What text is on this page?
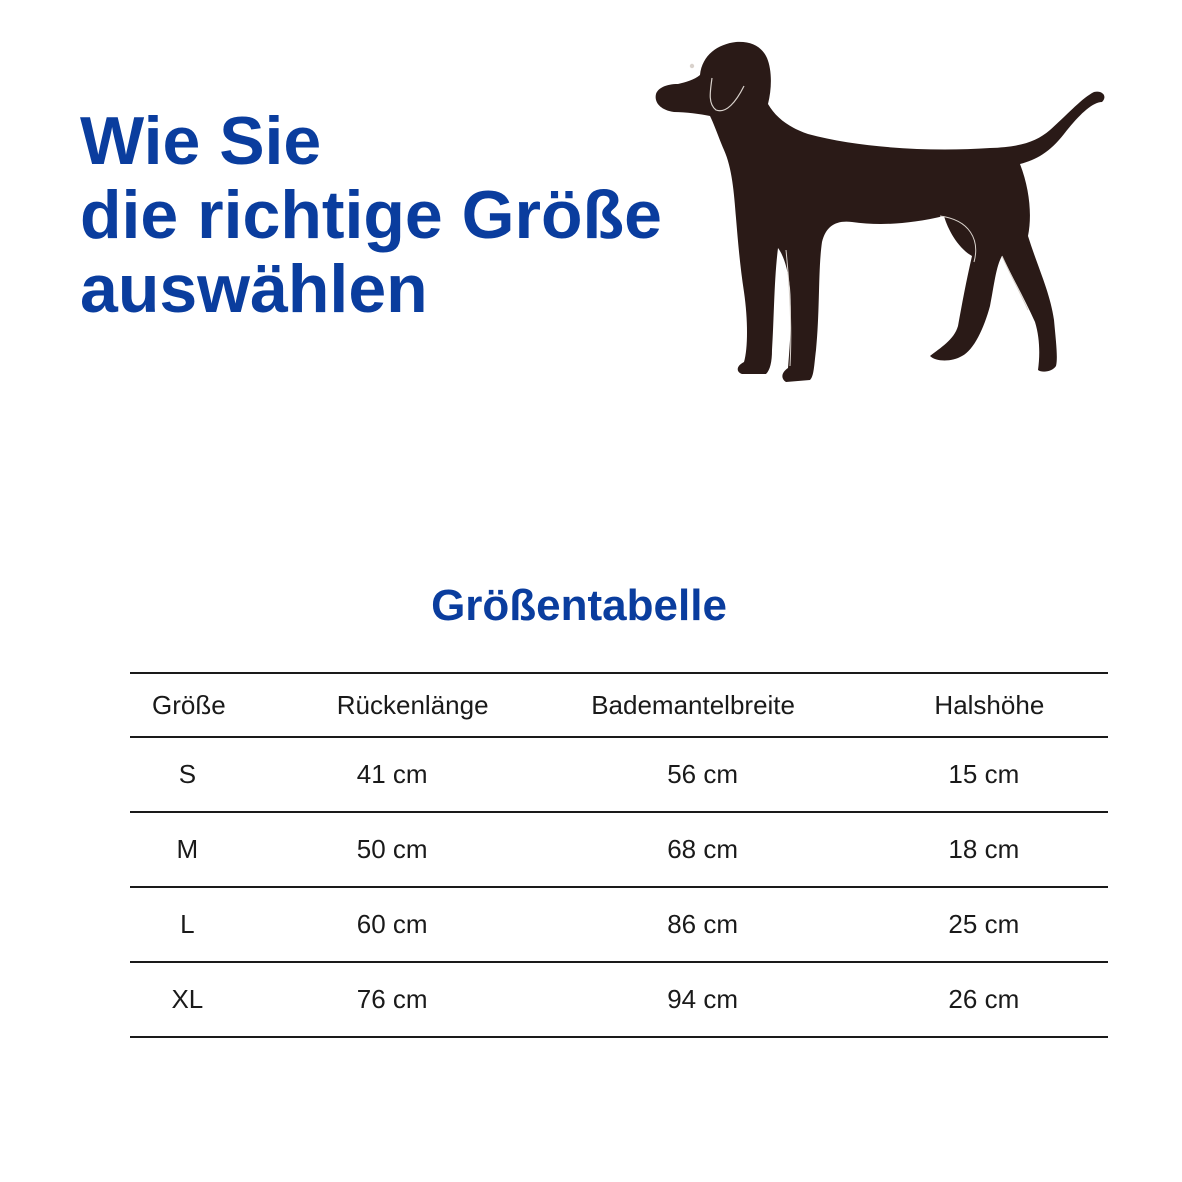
Wie Sie
die richtige Größe
auswählen
Größentabelle
Größe	Rückenlänge	Bademantelbreite	Halshöhe
S	41 cm	56 cm	15 cm
M	50 cm	68 cm	18 cm
L	60 cm	86 cm	25 cm
XL	76 cm	94 cm	26 cm
